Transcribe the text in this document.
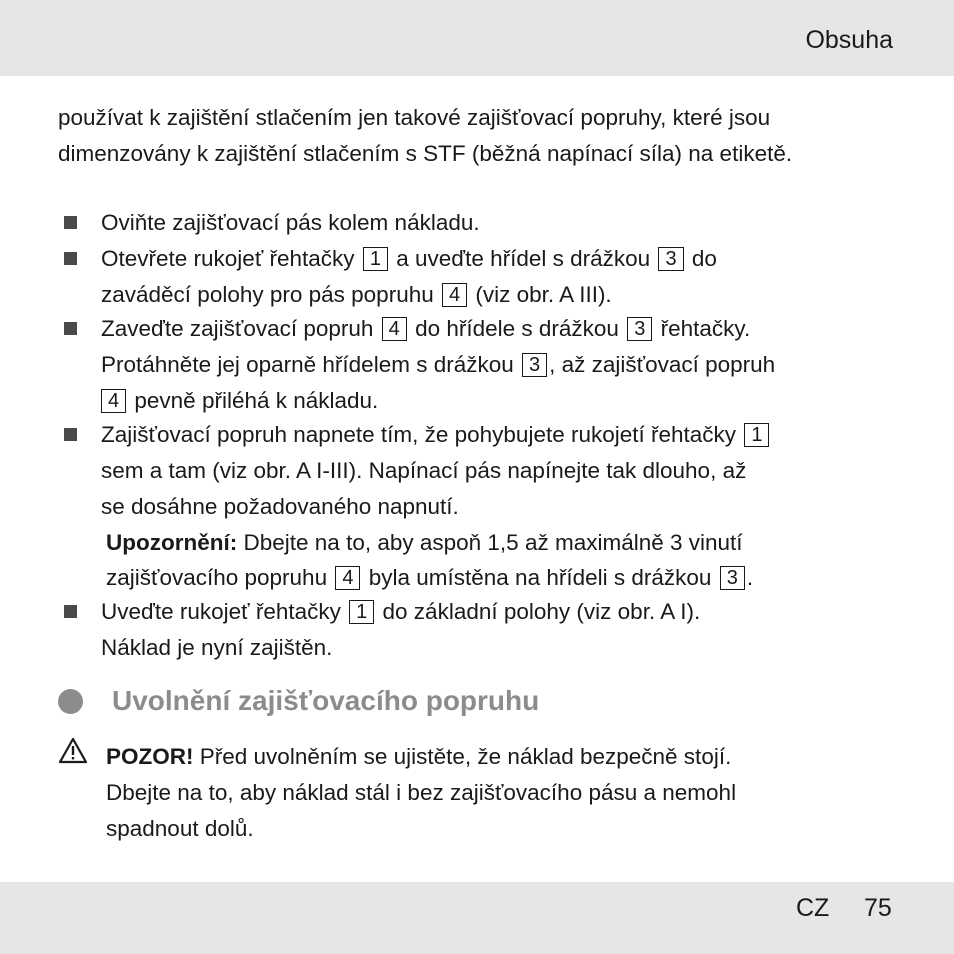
Obsuha
používat k zajištění stlačením jen takové zajišťovací popruhy, které jsou
dimenzovány k zajištění stlačením s STF (běžná napínací síla) na etiketě.
Oviňte zajišťovací pás kolem nákladu.
Otevřete rukojeť řehtačky 1 a uveďte hřídel s drážkou 3 do
zaváděcí polohy pro pás popruhu 4 (viz obr. A III).
Zaveďte zajišťovací popruh 4 do hřídele s drážkou 3 řehtačky.
Protáhněte jej oparně hřídelem s drážkou 3 , až zajišťovací popruh
4 pevně přiléhá k nákladu.
Zajišťovací popruh napnete tím, že pohybujete rukojetí řehtačky 1
sem a tam (viz obr. A I-III). Napínací pás napínejte tak dlouho, až
se dosáhne požadovaného napnutí.
Upozornění: Dbejte na to, aby aspoň 1,5 až maximálně 3 vinutí
zajišťovacího popruhu 4 byla umístěna na hřídeli s drážkou 3 .
Uveďte rukojeť řehtačky 1 do základní polohy (viz obr. A I).
Náklad je nyní zajištěn.
Uvolnění zajišťovacího popruhu
POZOR! Před uvolněním se ujistěte, že náklad bezpečně stojí.
Dbejte na to, aby náklad stál i bez zajišťovacího pásu a nemohl
spadnout dolů.
CZ 75
